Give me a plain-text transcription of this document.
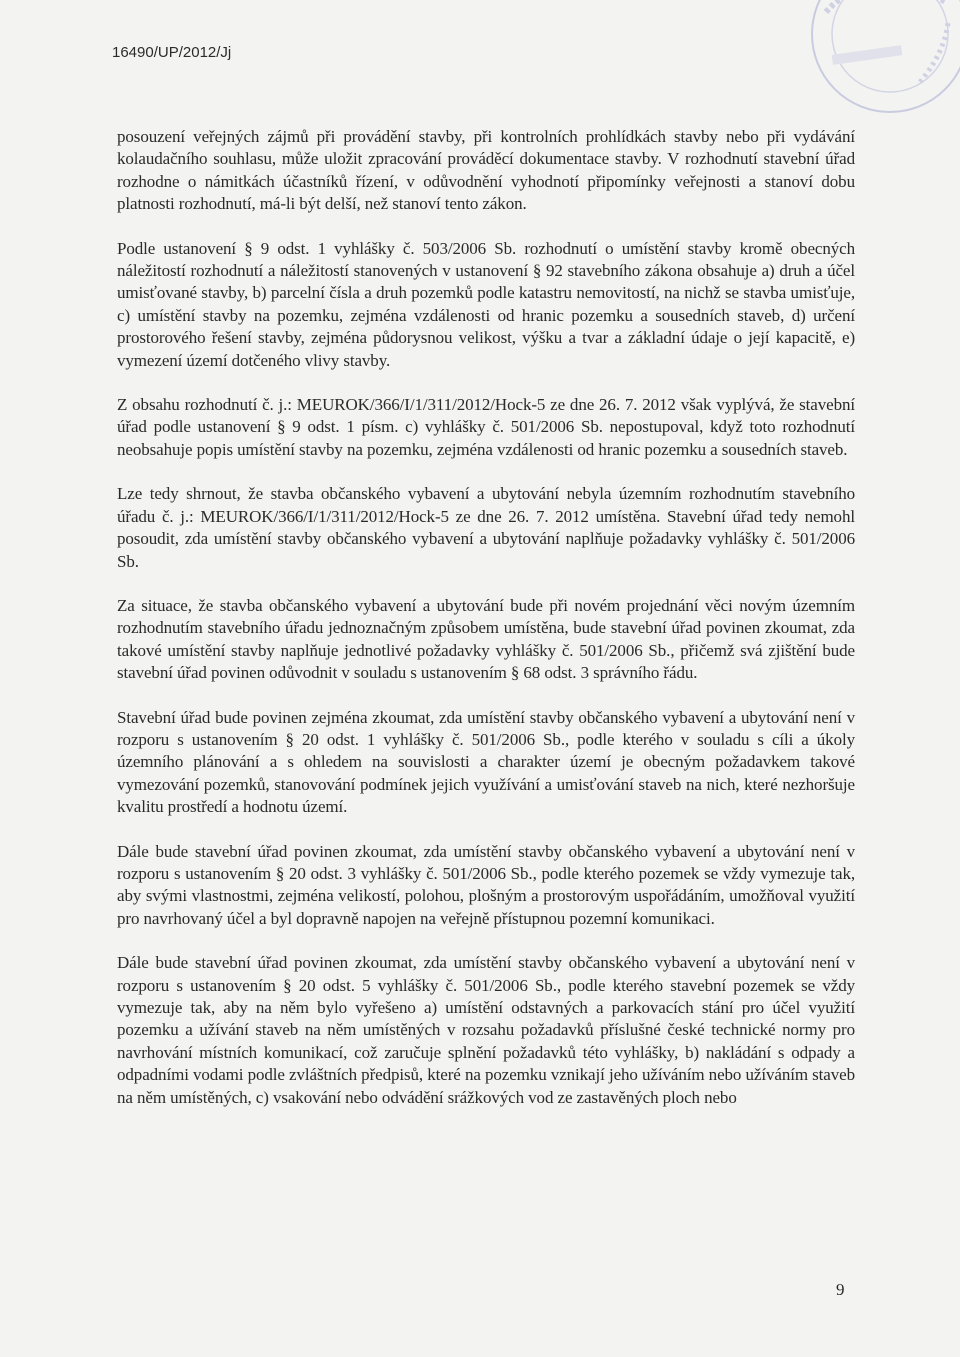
16490/UP/2012/Jj

posouzení veřejných zájmů při provádění stavby, při kontrolních prohlídkách stavby nebo při vydávání kolaudačního souhlasu, může uložit zpracování prováděcí dokumentace stavby. V rozhodnutí stavební úřad rozhodne o námitkách účastníků řízení, v odůvodnění vyhodnotí připomínky veřejnosti a stanoví dobu platnosti rozhodnutí, má-li být delší, než stanoví tento zákon.

Podle ustanovení § 9 odst. 1 vyhlášky č. 503/2006 Sb. rozhodnutí o umístění stavby kromě obecných náležitostí rozhodnutí a náležitostí stanovených v ustanovení § 92 stavebního zákona obsahuje a) druh a účel umisťované stavby, b) parcelní čísla a druh pozemků podle katastru nemovitostí, na nichž se stavba umisťuje, c) umístění stavby na pozemku, zejména vzdálenosti od hranic pozemku a sousedních staveb, d) určení prostorového řešení stavby, zejména půdorysnou velikost, výšku a tvar a základní údaje o její kapacitě, e) vymezení území dotčeného vlivy stavby.

Z obsahu rozhodnutí č. j.: MEUROK/366/I/1/311/2012/Hock-5 ze dne 26. 7. 2012 však vyplývá, že stavební úřad podle ustanovení § 9 odst. 1 písm. c) vyhlášky č. 501/2006 Sb. nepostupoval, když toto rozhodnutí neobsahuje popis umístění stavby na pozemku, zejména vzdálenosti od hranic pozemku a sousedních staveb.

Lze tedy shrnout, že stavba občanského vybavení a ubytování nebyla územním rozhodnutím stavebního úřadu č. j.: MEUROK/366/I/1/311/2012/Hock-5 ze dne 26. 7. 2012 umístěna. Stavební úřad tedy nemohl posoudit, zda umístění stavby občanského vybavení a ubytování naplňuje požadavky vyhlášky č. 501/2006 Sb.

Za situace, že stavba občanského vybavení a ubytování bude při novém projednání věci novým územním rozhodnutím stavebního úřadu jednoznačným způsobem umístěna, bude stavební úřad povinen zkoumat, zda takové umístění stavby naplňuje jednotlivé požadavky vyhlášky č. 501/2006 Sb., přičemž svá zjištění bude stavební úřad povinen odůvodnit v souladu s ustanovením § 68 odst. 3 správního řádu.

Stavební úřad bude povinen zejména zkoumat, zda umístění stavby občanského vybavení a ubytování není v rozporu s ustanovením § 20 odst. 1 vyhlášky č. 501/2006 Sb., podle kterého v souladu s cíli a úkoly územního plánování a s ohledem na souvislosti a charakter území je obecným požadavkem takové vymezování pozemků, stanovování podmínek jejich využívání a umisťování staveb na nich, které nezhoršuje kvalitu prostředí a hodnotu území.

Dále bude stavební úřad povinen zkoumat, zda umístění stavby občanského vybavení a ubytování není v rozporu s ustanovením § 20 odst. 3 vyhlášky č. 501/2006 Sb., podle kterého pozemek se vždy vymezuje tak, aby svými vlastnostmi, zejména velikostí, polohou, plošným a prostorovým uspořádáním, umožňoval využití pro navrhovaný účel a byl dopravně napojen na veřejně přístupnou pozemní komunikaci.

Dále bude stavební úřad povinen zkoumat, zda umístění stavby občanského vybavení a ubytování není v rozporu s ustanovením § 20 odst. 5 vyhlášky č. 501/2006 Sb., podle kterého stavební pozemek se vždy vymezuje tak, aby na něm bylo vyřešeno a) umístění odstavných a parkovacích stání pro účel využití pozemku a užívání staveb na něm umístěných v rozsahu požadavků příslušné české technické normy pro navrhování místních komunikací, což zaručuje splnění požadavků této vyhlášky, b) nakládání s odpady a odpadními vodami podle zvláštních předpisů, které na pozemku vznikají jeho užíváním nebo užíváním staveb na něm umístěných, c) vsakování nebo odvádění srážkových vod ze zastavěných ploch nebo

9
